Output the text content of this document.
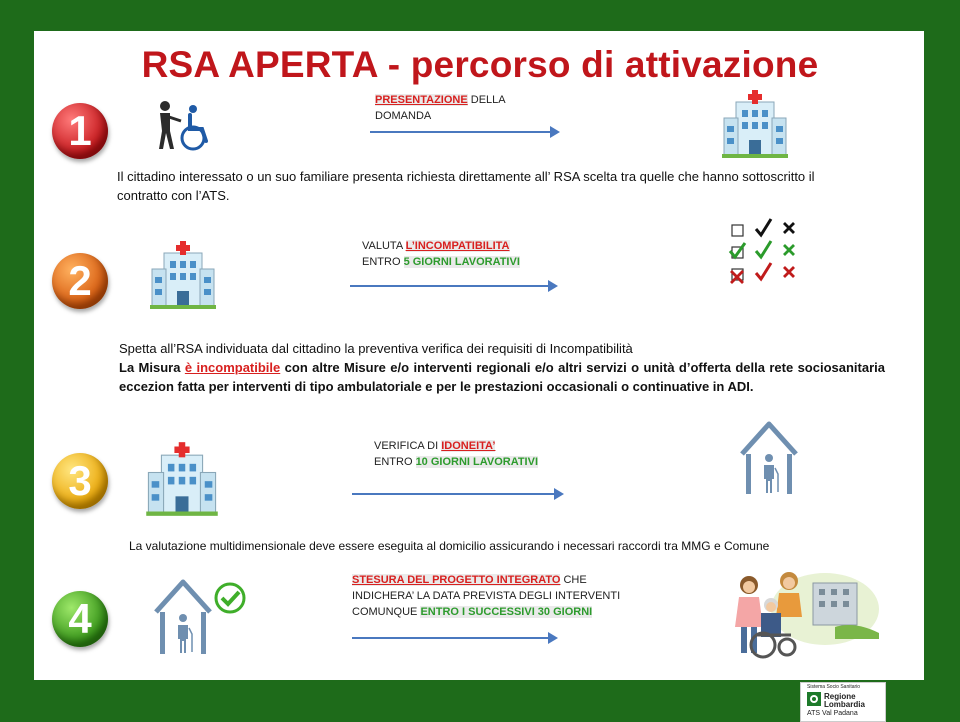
RSA APERTA - percorso di attivazione
1
PRESENTAZIONE DELLA
DOMANDA
Il cittadino interessato o un suo familiare presenta richiesta direttamente all’ RSA scelta tra quelle che hanno sottoscritto il contratto con l’ATS.
2
VALUTA L’INCOMPATIBILITA
ENTRO 5 GIORNI LAVORATIVI
Spetta all’RSA individuata dal cittadino la preventiva verifica dei requisiti di Incompatibilità
La Misura è incompatibile con altre Misure e/o interventi regionali e/o altri servizi o unità d’offerta della rete sociosanitaria eccezion fatta per interventi di tipo ambulatoriale e per le prestazioni occasionali o continuative in ADI.
3
VERIFICA DI IDONEITA’
ENTRO 10 GIORNI LAVORATIVI
La valutazione multidimensionale deve essere eseguita al domicilio assicurando i necessari raccordi tra MMG e Comune
4
STESURA DEL PROGETTO INTEGRATO CHE
INDICHERA’ LA DATA PREVISTA DEGLI INTERVENTI
COMUNQUE ENTRO I SUCCESSIVI 30 GIORNI
Sistema Socio Sanitario
Regione
Lombardia
ATS Val Padana
